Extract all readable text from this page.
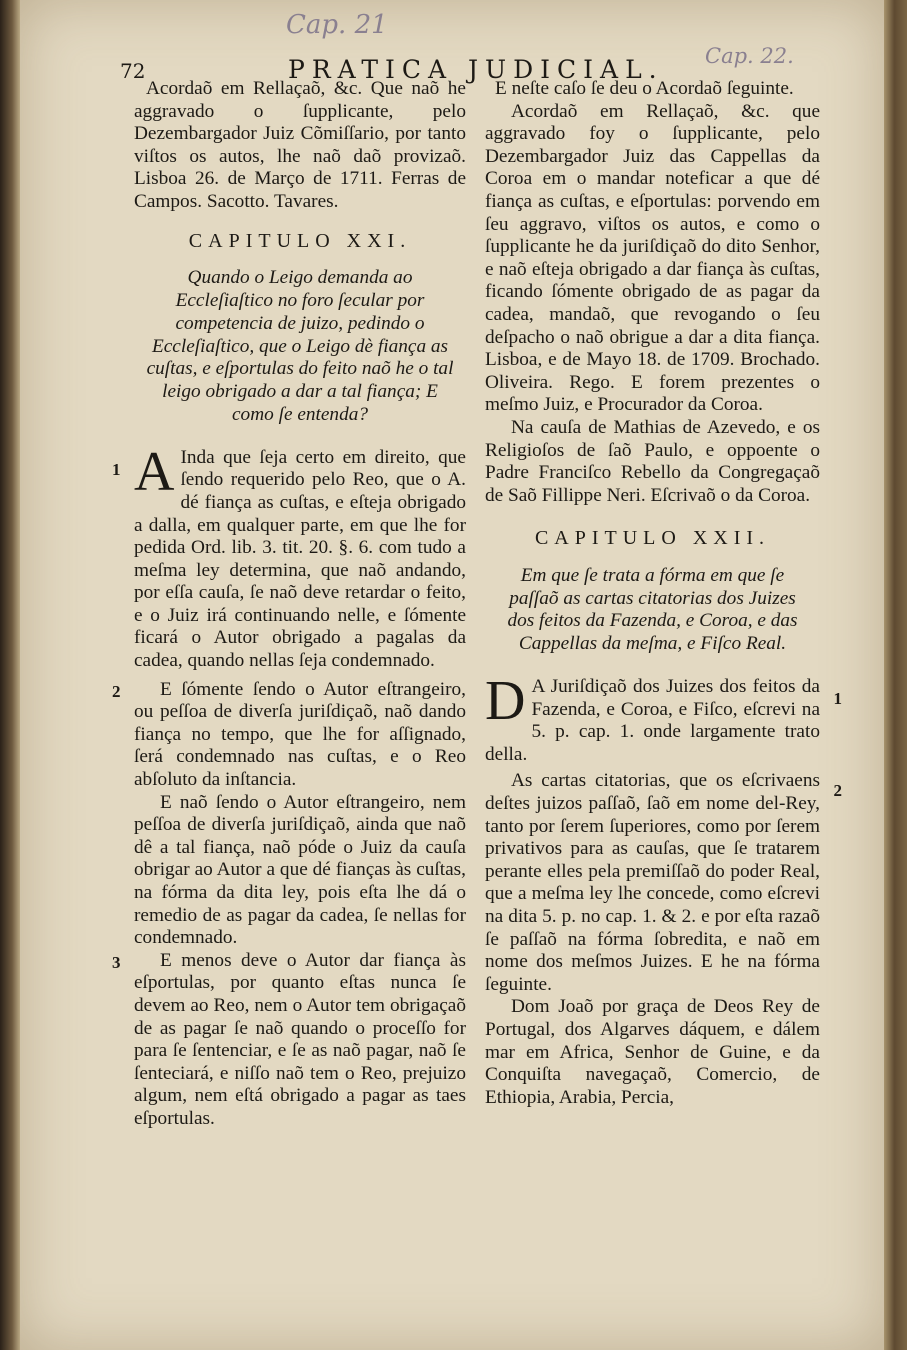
Cap. 21
Cap. 22.
72	PRATICA JUDICIAL.

Acordaõ em Rellaçaõ, &c. Que naõ he aggravado o ſupplicante, pelo Dezembargador Juiz Cõmiſſario, por tanto viſtos os autos, lhe naõ daõ provizaõ. Lisboa 26. de Março de 1711. Ferras de Campos. Sacotto. Tavares.

CAPITULO XXI.

Quando o Leigo demanda ao Eccleſiaſtico no foro ſecular por competencia de juizo, pedindo o Eccleſiaſtico, que o Leigo dè fiança as cuſtas, e eſportulas do feito naõ he o tal leigo obrigado a dar a tal fiança; E como ſe entenda?

1 A Inda que ſeja certo em direito, que ſendo requerido pelo Reo, que o A. dé fiança as cuſtas, e eſteja obrigado a dalla, em qualquer parte, em que lhe for pedida Ord. lib. 3. tit. 20. §. 6. com tudo a meſma ley determina, que naõ andando, por eſſa cauſa, ſe naõ deve retardar o feito, e o Juiz irá continuando nelle, e ſómente ficará o Autor obrigado a pagalas da cadea, quando nellas ſeja condemnado.

2	E ſómente ſendo o Autor eſtrangeiro, ou peſſoa de diverſa juriſdiçaõ, naõ dando fiança no tempo, que lhe for aſſignado, ſerá condemnado nas cuſtas, e o Reo abſoluto da inſtancia.

E naõ ſendo o Autor eſtrangeiro, nem peſſoa de diverſa juriſdiçaõ, ainda que naõ dê a tal fiança, naõ póde o Juiz da cauſa obrigar ao Autor a que dé fianças às cuſtas, na fórma da dita ley, pois eſta lhe dá o remedio de as pagar da cadea, ſe nellas for condemnado.

3	E menos deve o Autor dar fiança às eſportulas, por quanto eſtas nunca ſe devem ao Reo, nem o Autor tem obrigaçaõ de as pagar ſe naõ quando o proceſſo for para ſe ſentenciar, e ſe as naõ pagar, naõ ſe ſenteciará, e niſſo naõ tem o Reo, prejuizo algum, nem eſtá obrigado a pagar as taes eſportulas.

E neſte caſo ſe deu o Acordaõ ſeguinte.

Acordaõ em Rellaçaõ, &c. que aggravado foy o ſupplicante, pelo Dezembargador Juiz das Cappellas da Coroa em o mandar noteficar a que dé fiança as cuſtas, e eſportulas: porvendo em ſeu aggravo, viſtos os autos, e como o ſupplicante he da juriſdiçaõ do dito Senhor, e naõ eſteja obrigado a dar fiança às cuſtas, ficando ſómente obrigado de as pagar da cadea, mandaõ, que revogando o ſeu deſpacho o naõ obrigue a dar a dita fiança. Lisboa, e de Mayo 18. de 1709. Brochado. Oliveira. Rego. E forem prezentes o meſmo Juiz, e Procurador da Coroa.

Na cauſa de Mathias de Azevedo, e os Religioſos de ſaõ Paulo, e oppoente o Padre Franciſco Rebello da Congregaçaõ de Saõ Fillippe Neri. Eſcrivaõ o da Coroa.

CAPITULO XXII.

Em que ſe trata a fórma em que ſe paſſaõ as cartas citatorias dos Juizes dos feitos da Fazenda, e Coroa, e das Cappellas da meſma, e Fiſco Real.

1
D A Juriſdiçaõ dos Juizes dos feitos da Fazenda, e Coroa, e Fiſco, eſcrevi na 5. p. cap. 1. onde largamente trato della.

2

As cartas citatorias, que os eſcrivaens deſtes juizos paſſaõ, ſaõ em nome del-Rey, tanto por ſerem ſuperiores, como por ſerem privativos para as cauſas, que ſe tratarem perante elles pela premiſſaõ do poder Real, que a meſma ley lhe concede, como eſcrevi na dita 5. p. no cap. 1. & 2. e por eſta razaõ ſe paſſaõ na fórma ſobredita, e naõ em nome dos meſmos Juizes. E he na fórma ſeguinte.

Dom Joaõ por graça de Deos Rey de Portugal, dos Algarves dáquem, e dálem mar em Africa, Senhor de Guine, e da Conquiſta navegaçaõ, Comercio, de Ethiopia, Arabia, Percia,
